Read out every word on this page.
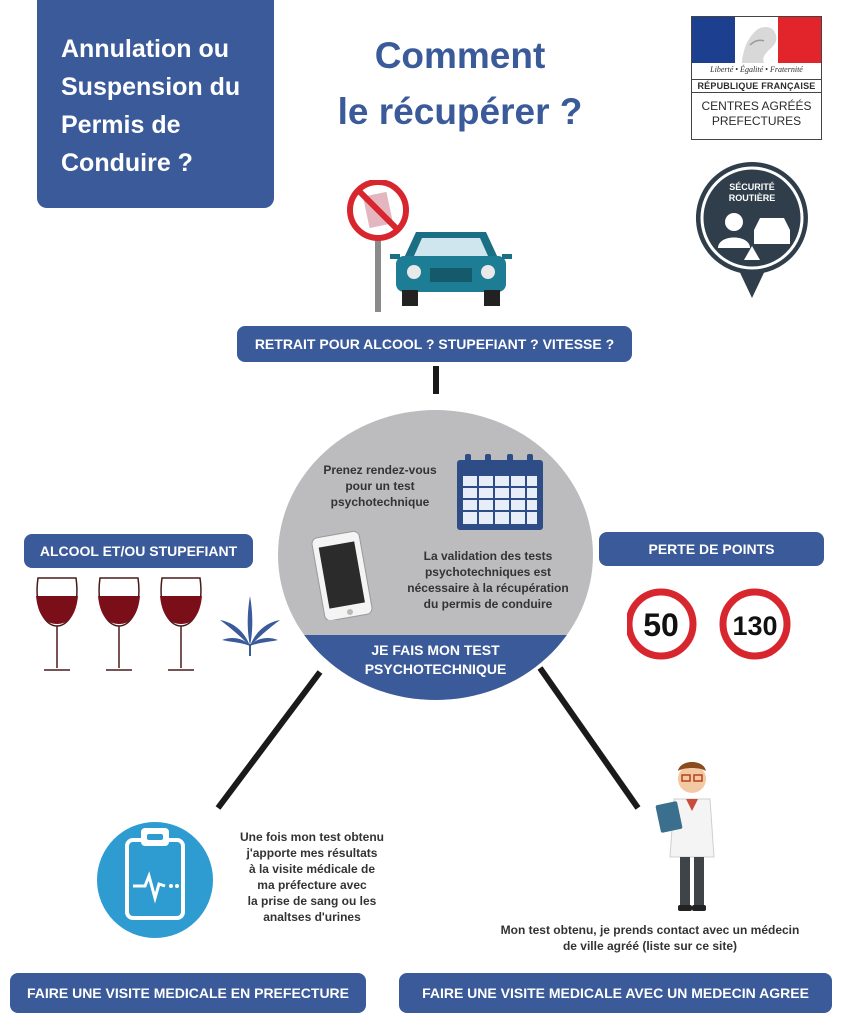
Annulation ou
Suspension du
Permis de
Conduire ?
Comment
le récupérer ?
Liberté • Égalité • Fraternité
RÉPUBLIQUE FRANÇAISE
CENTRES AGRÉÉS
PREFECTURES
SÉCURITÉ
ROUTIÈRE
RETRAIT POUR ALCOOL ? STUPEFIANT ? VITESSE ?
JE FAIS MON TEST
PSYCHOTECHNIQUE
Prenez rendez-vous
pour un test
psychotechnique
La validation des tests
psychotechniques est
nécessaire à la récupération
du permis de conduire
ALCOOL ET/OU STUPEFIANT	PERTE DE POINTS
50 130
Une fois mon test obtenu
j'apporte mes résultats
à la visite médicale de
ma préfecture avec
la prise de sang ou les
analtses d'urines
Mon test obtenu, je prends contact avec un médecin
de ville agréé (liste sur ce site)
FAIRE UNE VISITE MEDICALE EN PREFECTURE	FAIRE UNE VISITE MEDICALE AVEC UN MEDECIN AGREE
